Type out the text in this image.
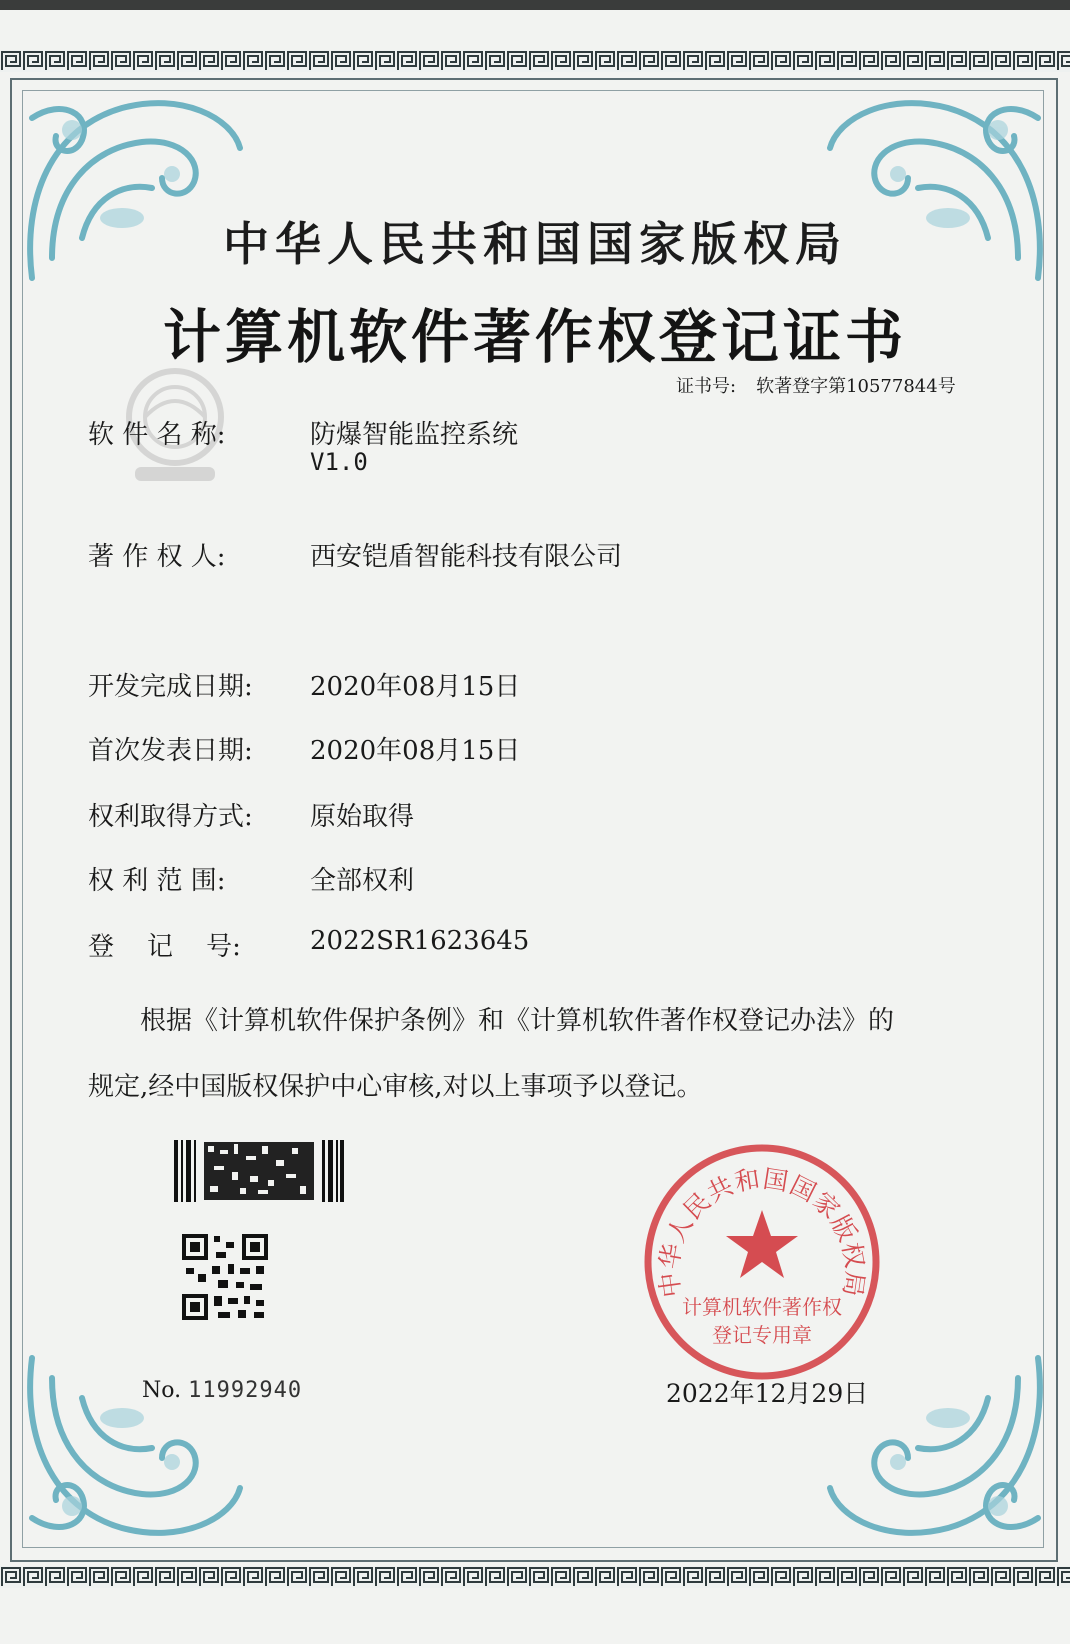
中华人民共和国国家版权局
计算机软件著作权登记证书
证书号: 软著登字第10577844号
软 件 名 称:	防爆智能监控系统
V1.0
著 作 权 人:	西安铠盾智能科技有限公司
开发完成日期:	2020年08月15日
首次发表日期:	2020年08月15日
权利取得方式:	原始取得
权 利 范 围:	全部权利
登    记    号:	2022SR1623645
根据《计算机软件保护条例》和《计算机软件著作权登记办法》的
规定,经中国版权保护中心审核,对以上事项予以登记。
No. 11992940
中华人民共和国国家版权局
计算机软件著作权
登记专用章
2022年12月29日
